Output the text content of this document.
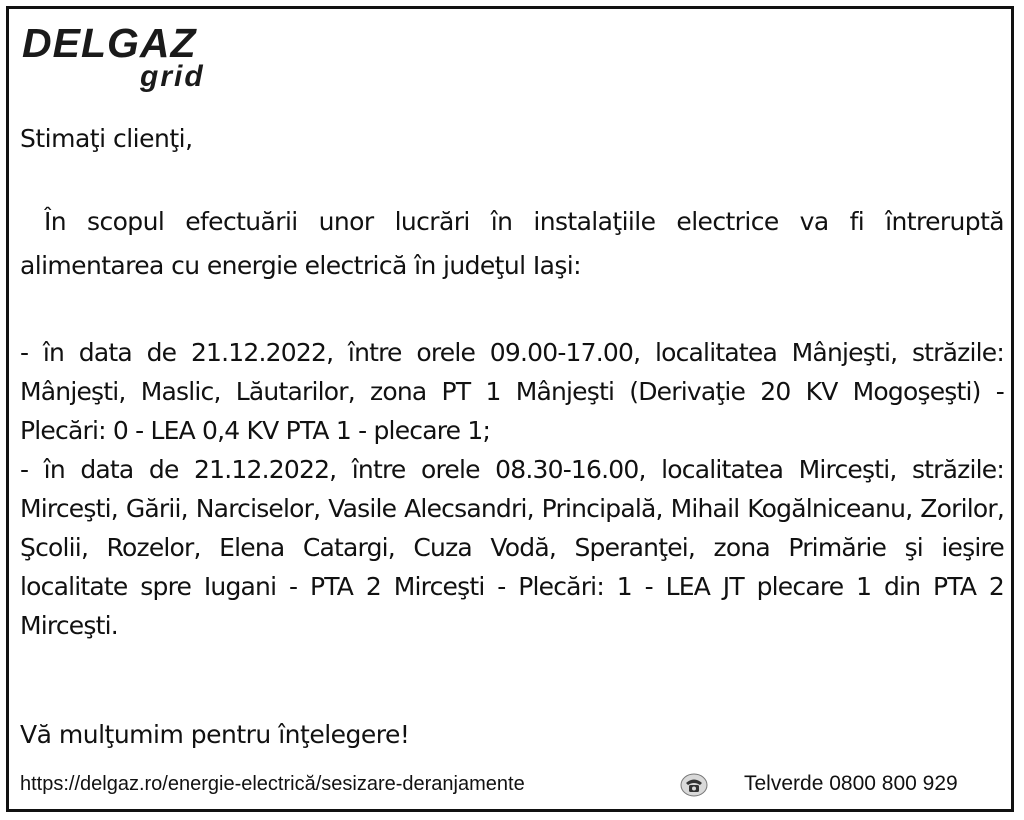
DELGAZ
grid
Stimaţi clienţi,
În scopul efectuării unor lucrări în instalaţiile electrice va fi întreruptă alimentarea cu energie electrică în judeţul Iaşi:

- în data de 21.12.2022, între orele 09.00-17.00, localitatea Mânjeşti, străzile: Mânjeşti, Maslic, Lăutarilor, zona PT 1 Mânjeşti (Derivaţie 20 KV Mogoşeşti) - Plecări: 0 - LEA 0,4 KV PTA 1 - plecare 1;

- în data de 21.12.2022, între orele 08.30-16.00, localitatea Mirceşti, străzile: Mirceşti, Gării, Narciselor, Vasile Alecsandri, Principală, Mihail Kogălniceanu, Zorilor, Şcolii, Rozelor, Elena Catargi, Cuza Vodă, Speranţei, zona Primărie şi ieşire localitate spre Iugani - PTA 2 Mirceşti - Plecări: 1 - LEA JT plecare 1 din PTA 2 Mirceşti.

Vă mulţumim pentru înţelegere!
https://delgaz.ro/energie-electrică/sesizare-deranjamente	Telverde 0800 800 929
